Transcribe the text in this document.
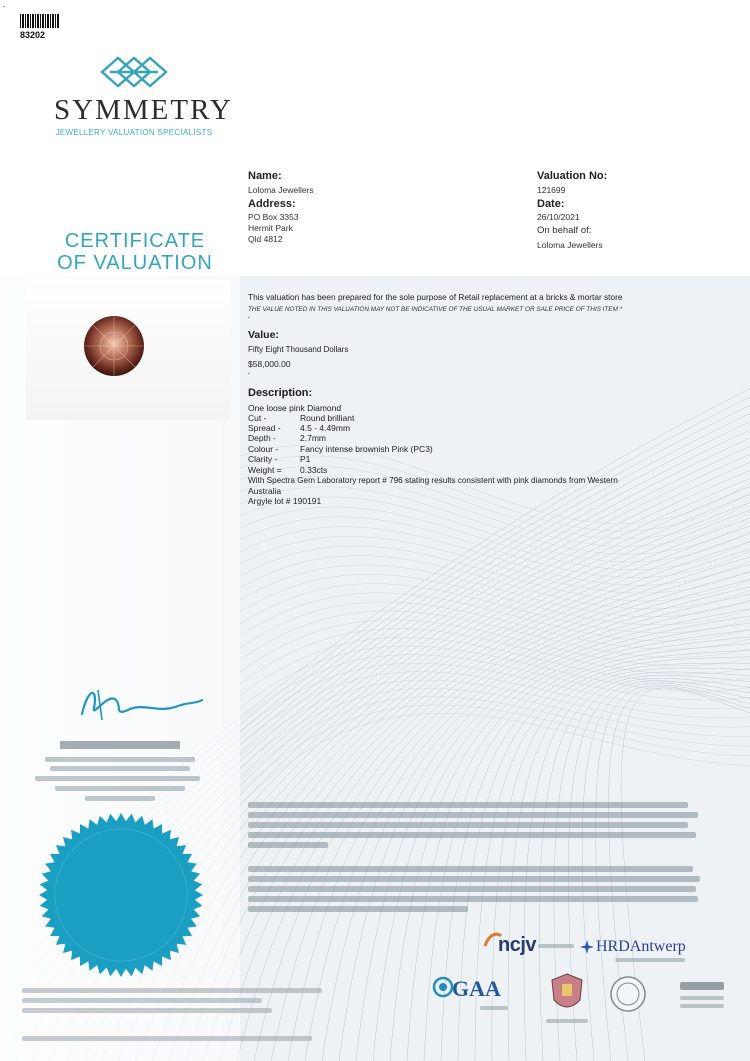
•
83202
SYMMETRY
JEWELLERY VALUATION SPECIALISTS
CERTIFICATE
OF VALUATION
Name:
Loloma Jewellers
Address:
PO Box 3353
Hermit Park
Qld 4812
Valuation No:
121699
Date:
26/10/2021
On behalf of:
Loloma Jewellers
This valuation has been prepared for the sole purpose of Retail replacement at a bricks & mortar store
THE VALUE NOTED IN THIS VALUATION MAY NOT BE INDICATIVE OF THE USUAL MARKET OR SALE PRICE OF THIS ITEM *
-
Value:
Fifty Eight Thousand Dollars
$58,000.00
-
Description:
One loose pink Diamond
Cut -	Round brilliant
Spread - 4.5 - 4.49mm
Depth -	2.7mm
Colour -	Fancy intense brownish Pink (PC3)
Clarity -	P1
Weight = 0.33cts
With Spectra Gem Laboratory report # 796 stating results consistent with pink diamonds from Western
Australia
Argyle lot # 190191
ncjv	HRDAntwerp
GAA
